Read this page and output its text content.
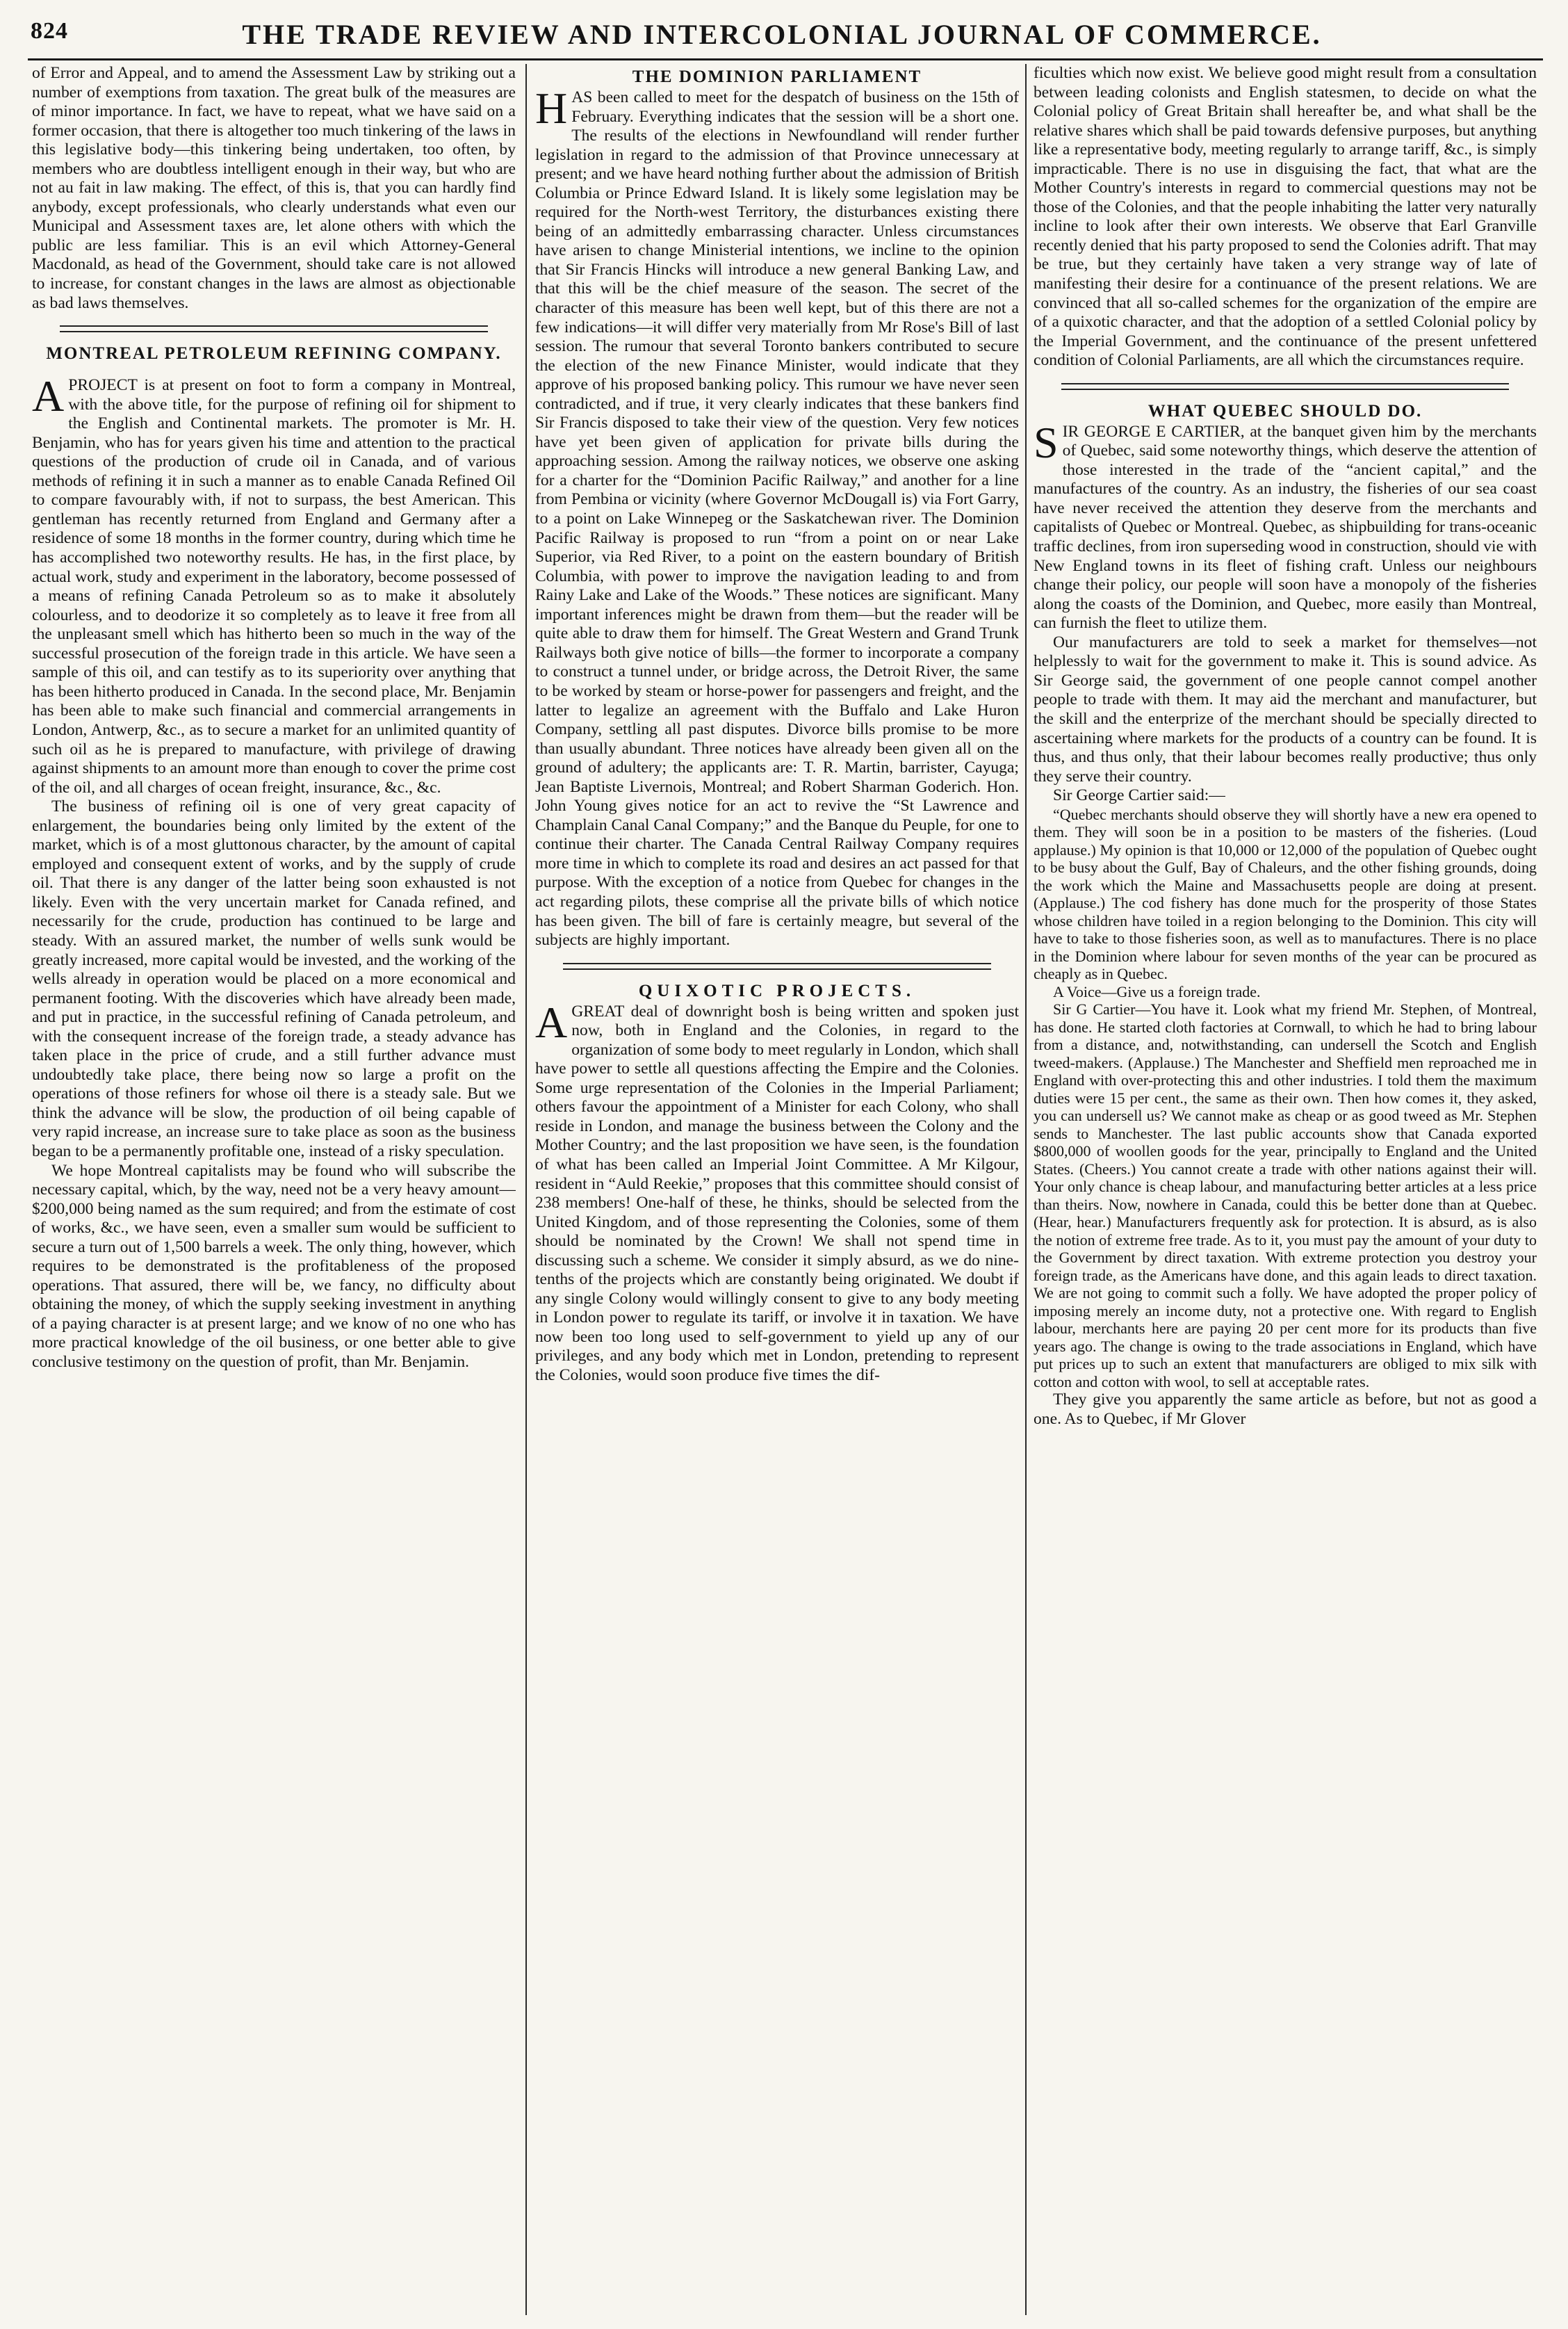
824	THE TRADE REVIEW AND INTERCOLONIAL JOURNAL OF COMMERCE.

of Error and Appeal, and to amend the Assessment Law by striking out a number of exemptions from taxation. The great bulk of the measures are of minor importance. In fact, we have to repeat, what we have said on a former occasion, that there is altogether too much tinkering of the laws in this legislative body—this tinkering being undertaken, too often, by members who are doubtless intelligent enough in their way, but who are not au fait in law making. The effect, of this is, that you can hardly find anybody, except professionals, who clearly understands what even our Municipal and Assessment taxes are, let alone others with which the public are less familiar. This is an evil which Attorney-General Macdonald, as head of the Government, should take care is not allowed to increase, for constant changes in the laws are almost as objectionable as bad laws themselves.

MONTREAL PETROLEUM REFINING COMPANY.

APROJECT is at present on foot to form a company in Montreal, with the above title, for the purpose of refining oil for shipment to the English and Continental markets. The promoter is Mr. H. Benjamin, who has for years given his time and attention to the practical questions of the production of crude oil in Canada, and of various methods of refining it in such a manner as to enable Canada Refined Oil to compare favourably with, if not to surpass, the best American. This gentleman has recently returned from England and Germany after a residence of some 18 months in the former country, during which time he has accomplished two noteworthy results. He has, in the first place, by actual work, study and experiment in the laboratory, become possessed of a means of refining Canada Petroleum so as to make it absolutely colourless, and to deodorize it so completely as to leave it free from all the unpleasant smell which has hitherto been so much in the way of the successful prosecution of the foreign trade in this article. We have seen a sample of this oil, and can testify as to its superiority over anything that has been hitherto produced in Canada. In the second place, Mr. Benjamin has been able to make such financial and commercial arrangements in London, Antwerp, &c., as to secure a market for an unlimited quantity of such oil as he is prepared to manufacture, with privilege of drawing against shipments to an amount more than enough to cover the prime cost of the oil, and all charges of ocean freight, insurance, &c., &c.

The business of refining oil is one of very great capacity of enlargement, the boundaries being only limited by the extent of the market, which is of a most gluttonous character, by the amount of capital employed and consequent extent of works, and by the supply of crude oil. That there is any danger of the latter being soon exhausted is not likely. Even with the very uncertain market for Canada refined, and necessarily for the crude, production has continued to be large and steady. With an assured market, the number of wells sunk would be greatly increased, more capital would be invested, and the working of the wells already in operation would be placed on a more economical and permanent footing. With the discoveries which have already been made, and put in practice, in the successful refining of Canada petroleum, and with the consequent increase of the foreign trade, a steady advance has taken place in the price of crude, and a still further advance must undoubtedly take place, there being now so large a profit on the operations of those refiners for whose oil there is a steady sale. But we think the advance will be slow, the production of oil being capable of very rapid increase, an increase sure to take place as soon as the business began to be a permanently profitable one, instead of a risky speculation.

We hope Montreal capitalists may be found who will subscribe the necessary capital, which, by the way, need not be a very heavy amount—$200,000 being named as the sum required; and from the estimate of cost of works, &c., we have seen, even a smaller sum would be sufficient to secure a turn out of 1,500 barrels a week. The only thing, however, which requires to be demonstrated is the profitableness of the proposed operations. That assured, there will be, we fancy, no difficulty about obtaining the money, of which the supply seeking investment in anything of a paying character is at present large; and we know of no one who has more practical knowledge of the oil business, or one better able to give conclusive testimony on the question of profit, than Mr. Benjamin.

THE DOMINION PARLIAMENT

HAS been called to meet for the despatch of business on the 15th of February. Everything indicates that the session will be a short one. The results of the elections in Newfoundland will render further legislation in regard to the admission of that Province unnecessary at present; and we have heard nothing further about the admission of British Columbia or Prince Edward Island. It is likely some legislation may be required for the North-west Territory, the disturbances existing there being of an admittedly embarrassing character. Unless circumstances have arisen to change Ministerial intentions, we incline to the opinion that Sir Francis Hincks will introduce a new general Banking Law, and that this will be the chief measure of the season. The secret of the character of this measure has been well kept, but of this there are not a few indications—it will differ very materially from Mr Rose's Bill of last session. The rumour that several Toronto bankers contributed to secure the election of the new Finance Minister, would indicate that they approve of his proposed banking policy. This rumour we have never seen contradicted, and if true, it very clearly indicates that these bankers find Sir Francis disposed to take their view of the question. Very few notices have yet been given of application for private bills during the approaching session. Among the railway notices, we observe one asking for a charter for the “Dominion Pacific Railway,” and another for a line from Pembina or vicinity (where Governor McDougall is) via Fort Garry, to a point on Lake Winnepeg or the Saskatchewan river. The Dominion Pacific Railway is proposed to run “from a point on or near Lake Superior, via Red River, to a point on the eastern boundary of British Columbia, with power to improve the navigation leading to and from Rainy Lake and Lake of the Woods.” These notices are significant. Many important inferences might be drawn from them—but the reader will be quite able to draw them for himself. The Great Western and Grand Trunk Railways both give notice of bills—the former to incorporate a company to construct a tunnel under, or bridge across, the Detroit River, the same to be worked by steam or horse-power for passengers and freight, and the latter to legalize an agreement with the Buffalo and Lake Huron Company, settling all past disputes. Divorce bills promise to be more than usually abundant. Three notices have already been given all on the ground of adultery; the applicants are: T. R. Martin, barrister, Cayuga; Jean Baptiste Livernois, Montreal; and Robert Sharman Goderich. Hon. John Young gives notice for an act to revive the “St Lawrence and Champlain Canal Canal Company;” and the Banque du Peuple, for one to continue their charter. The Canada Central Railway Company requires more time in which to complete its road and desires an act passed for that purpose. With the exception of a notice from Quebec for changes in the act regarding pilots, these comprise all the private bills of which notice has been given. The bill of fare is certainly meagre, but several of the subjects are highly important.

QUIXOTIC PROJECTS.

AGREAT deal of downright bosh is being written and spoken just now, both in England and the Colonies, in regard to the organization of some body to meet regularly in London, which shall have power to settle all questions affecting the Empire and the Colonies. Some urge representation of the Colonies in the Imperial Parliament; others favour the appointment of a Minister for each Colony, who shall reside in London, and manage the business between the Colony and the Mother Country; and the last proposition we have seen, is the foundation of what has been called an Imperial Joint Committee. A Mr Kilgour, resident in “Auld Reekie,” proposes that this committee should consist of 238 members! One-half of these, he thinks, should be selected from the United Kingdom, and of those representing the Colonies, some of them should be nominated by the Crown! We shall not spend time in discussing such a scheme. We consider it simply absurd, as we do nine-tenths of the projects which are constantly being originated. We doubt if any single Colony would willingly consent to give to any body meeting in London power to regulate its tariff, or involve it in taxation. We have now been too long used to self-government to yield up any of our privileges, and any body which met in London, pretending to represent the Colonies, would soon produce five times the dif-

ficulties which now exist. We believe good might result from a consultation between leading colonists and English statesmen, to decide on what the Colonial policy of Great Britain shall hereafter be, and what shall be the relative shares which shall be paid towards defensive purposes, but anything like a representative body, meeting regularly to arrange tariff, &c., is simply impracticable. There is no use in disguising the fact, that what are the Mother Country's interests in regard to commercial questions may not be those of the Colonies, and that the people inhabiting the latter very naturally incline to look after their own interests. We observe that Earl Granville recently denied that his party proposed to send the Colonies adrift. That may be true, but they certainly have taken a very strange way of late of manifesting their desire for a continuance of the present relations. We are convinced that all so-called schemes for the organization of the empire are of a quixotic character, and that the adoption of a settled Colonial policy by the Imperial Government, and the continuance of the present unfettered condition of Colonial Parliaments, are all which the circumstances require.

WHAT QUEBEC SHOULD DO.

SIR GEORGE E CARTIER, at the banquet given him by the merchants of Quebec, said some noteworthy things, which deserve the attention of those interested in the trade of the “ancient capital,” and the manufactures of the country. As an industry, the fisheries of our sea coast have never received the attention they deserve from the merchants and capitalists of Quebec or Montreal. Quebec, as shipbuilding for trans-oceanic traffic declines, from iron superseding wood in construction, should vie with New England towns in its fleet of fishing craft. Unless our neighbours change their policy, our people will soon have a monopoly of the fisheries along the coasts of the Dominion, and Quebec, more easily than Montreal, can furnish the fleet to utilize them.

Our manufacturers are told to seek a market for themselves—not helplessly to wait for the government to make it. This is sound advice. As Sir George said, the government of one people cannot compel another people to trade with them. It may aid the merchant and manufacturer, but the skill and the enterprize of the merchant should be specially directed to ascertaining where markets for the products of a country can be found. It is thus, and thus only, that their labour becomes really productive; thus only they serve their country.

Sir George Cartier said:—

“Quebec merchants should observe they will shortly have a new era opened to them. They will soon be in a position to be masters of the fisheries. (Loud applause.) My opinion is that 10,000 or 12,000 of the population of Quebec ought to be busy about the Gulf, Bay of Chaleurs, and the other fishing grounds, doing the work which the Maine and Massachusetts people are doing at present. (Applause.) The cod fishery has done much for the prosperity of those States whose children have toiled in a region belonging to the Dominion. This city will have to take to those fisheries soon, as well as to manufactures. There is no place in the Dominion where labour for seven months of the year can be procured as cheaply as in Quebec.

A Voice—Give us a foreign trade.

Sir G Cartier—You have it. Look what my friend Mr. Stephen, of Montreal, has done. He started cloth factories at Cornwall, to which he had to bring labour from a distance, and, notwithstanding, can undersell the Scotch and English tweed-makers. (Applause.) The Manchester and Sheffield men reproached me in England with over-protecting this and other industries. I told them the maximum duties were 15 per cent., the same as their own. Then how comes it, they asked, you can undersell us? We cannot make as cheap or as good tweed as Mr. Stephen sends to Manchester. The last public accounts show that Canada exported $800,000 of woollen goods for the year, principally to England and the United States. (Cheers.) You cannot create a trade with other nations against their will. Your only chance is cheap labour, and manufacturing better articles at a less price than theirs. Now, nowhere in Canada, could this be better done than at Quebec. (Hear, hear.) Manufacturers frequently ask for protection. It is absurd, as is also the notion of extreme free trade. As to it, you must pay the amount of your duty to the Government by direct taxation. With extreme protection you destroy your foreign trade, as the Americans have done, and this again leads to direct taxation. We are not going to commit such a folly. We have adopted the proper policy of imposing merely an income duty, not a protective one. With regard to English labour, merchants here are paying 20 per cent more for its products than five years ago. The change is owing to the trade associations in England, which have put prices up to such an extent that manufacturers are obliged to mix silk with cotton and cotton with wool, to sell at acceptable rates.

They give you apparently the same article as before, but not as good a one. As to Quebec, if Mr Glover
